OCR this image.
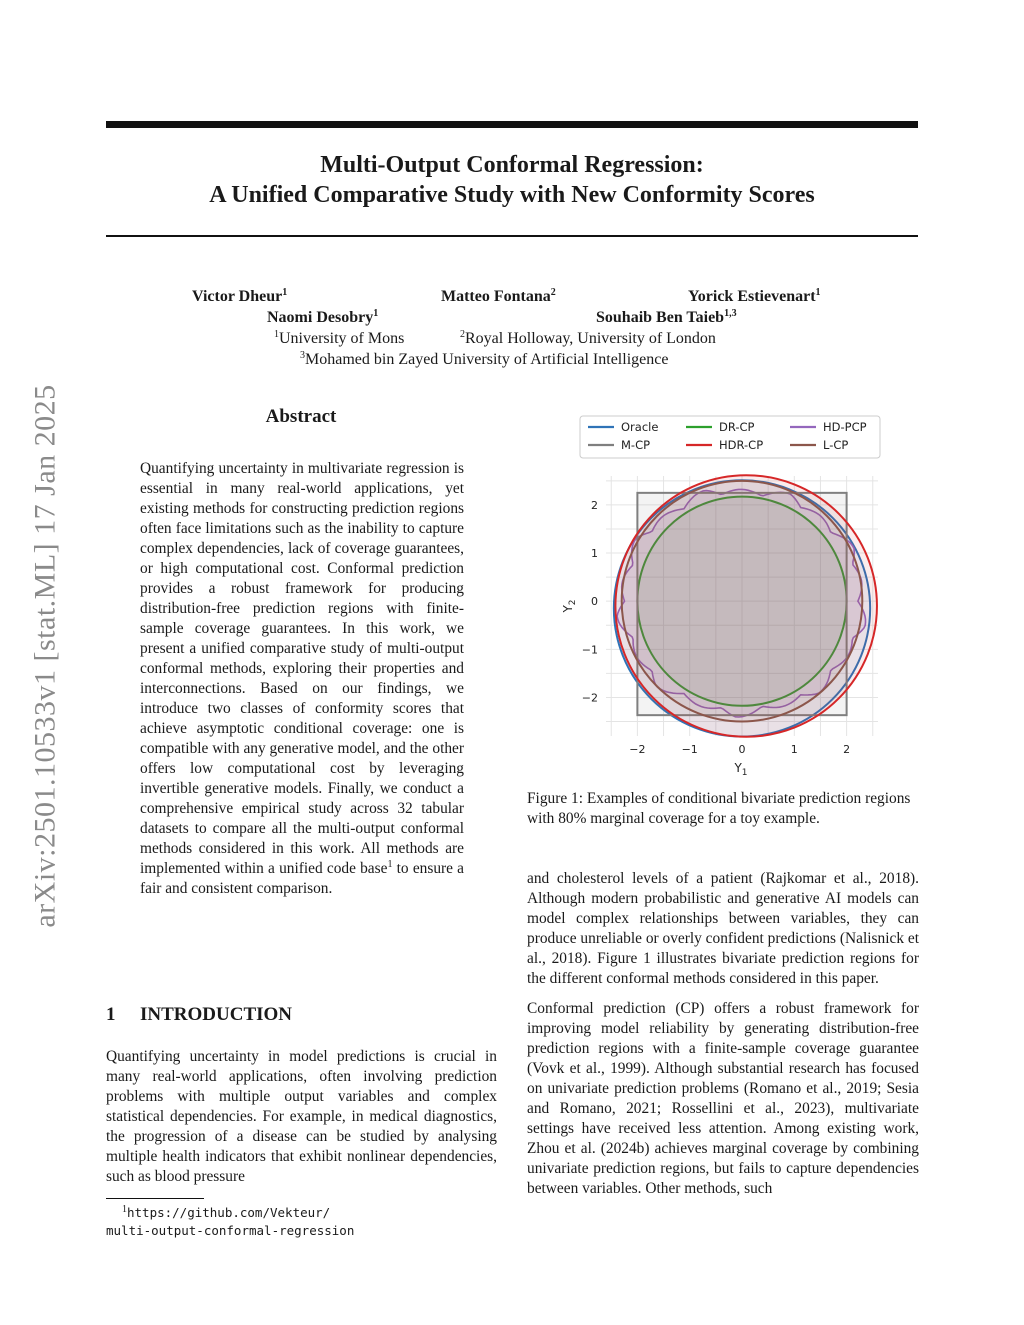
arXiv:2501.10533v1 [stat.ML] 17 Jan 2025
Multi-Output Conformal Regression:
A Unified Comparative Study with New Conformity Scores
Victor Dheur$^1$	Matteo Fontana$^2$	Yorick Estievenart$^1$
Naomi Desobry$^1$	Souhaib Ben Taieb$^{1,3}$
$^1$University of Mons	$^2$Royal Holloway, University of London
$^3$Mohamed bin Zayed University of Artificial Intelligence
Abstract

Quantifying uncertainty in multivariate regression is essential in many real-world applications, yet existing methods for constructing prediction regions often face limitations such as the inability to capture complex dependencies, lack of coverage guarantees, or high computational cost. Conformal prediction provides a robust framework for producing distribution-free prediction regions with finite-sample coverage guarantees. In this work, we present a unified comparative study of multi-output conformal methods, exploring their properties and interconnections. Based on our findings, we introduce two classes of conformity scores that achieve asymptotic conditional coverage: one is compatible with any generative model, and the other offers low computational cost by leveraging invertible generative models. Finally, we conduct a comprehensive empirical study across 32 tabular datasets to compare all the multi-output conformal methods considered in this work. All methods are implemented within a unified code base$^1$ to ensure a fair and consistent comparison.

1 INTRODUCTION

Quantifying uncertainty in model predictions is crucial in many real-world applications, often involving prediction problems with multiple output variables and complex statistical dependencies. For example, in medical diagnostics, the progression of a disease can be studied by analysing multiple health indicators that exhibit nonlinear dependencies, such as blood pressure

$^1$https://github.com/Vekteur/
multi-output-conformal-regression
Oracle	DR-CP	HD-PCP
M-CP	HDR-CP	L-CP
−2	−1	0	1	2
−2
−1
0
1
2
$Y_1$
$Y_2$

Figure 1: Examples of conditional bivariate prediction regions with 80% marginal coverage for a toy example.

and cholesterol levels of a patient (Rajkomar et al., 2018). Although modern probabilistic and generative AI models can model complex relationships between variables, they can produce unreliable or overly confident predictions (Nalisnick et al., 2018). Figure 1 illustrates bivariate prediction regions for the different conformal methods considered in this paper.

Conformal prediction (CP) offers a robust framework for improving model reliability by generating distribution-free prediction regions with a finite-sample coverage guarantee (Vovk et al., 1999). Although substantial research has focused on univariate prediction problems (Romano et al., 2019; Sesia and Romano, 2021; Rossellini et al., 2023), multivariate settings have received less attention. Among existing work, Zhou et al. (2024b) achieves marginal coverage by combining univariate prediction regions, but fails to capture dependencies between variables. Other methods, such
